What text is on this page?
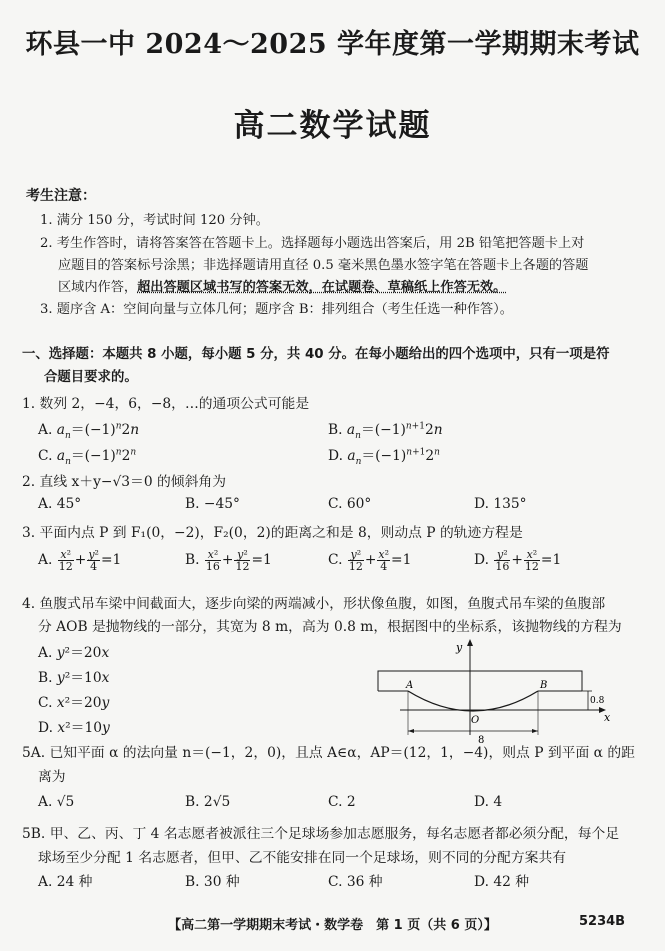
环县一中 2024～2025 学年度第一学期期末考试
高二数学试题
考生注意：
1. 满分 150 分，考试时间 120 分钟。
2. 考生作答时，请将答案答在答题卡上。选择题每小题选出答案后，用 2B 铅笔把答题卡上对
应题目的答案标号涂黑；非选择题请用直径 0.5 毫米黑色墨水签字笔在答题卡上各题的答题
区域内作答，超出答题区域书写的答案无效，在试题卷、草稿纸上作答无效。
3. 题序含 A：空间向量与立体几何；题序含 B：排列组合（考生任选一种作答）。
一、选择题：本题共 8 小题，每小题 5 分，共 40 分。在每小题给出的四个选项中，只有一项是符
合题目要求的。
1. 数列 2，−4，6，−8，…的通项公式可能是
A. $a_n=(-1)^n2n$	B. $a_n=(-1)^{n+1}2n$
C. $a_n=(-1)^n2^n$	D. $a_n=(-1)^{n+1}2^n$
2. 直线 x＋y−√3＝0 的倾斜角为
A. 45°	B. −45°	C. 60°	D. 135°
3. 平面内点 P 到 F₁(0，−2)，F₂(0，2)的距离之和是 8，则动点 P 的轨迹方程是
A. $\frac{\text{x²}}{12} + \frac{\text{y²}}{4} =1$	B. $\frac{\text{x²}}{16} + \frac{\text{y²}}{12} =1$	C. $\frac{\text{y²}}{12} + \frac{\text{x²}}{4} =1$	D. $\frac{\text{y²}}{16} + \frac{\text{x²}}{12} =1$
4. 鱼腹式吊车梁中间截面大，逐步向梁的两端减小，形状像鱼腹，如图，鱼腹式吊车梁的鱼腹部
分 AOB 是抛物线的一部分，其宽为 8 m，高为 0.8 m，根据图中的坐标系，该抛物线的方程为
A. y²＝20x
B. y²＝10x
C. x²＝20y
D. x²＝10y
y
x
A	B
O
0.8
8
5A. 已知平面 α 的法向量 n＝(−1，2，0)，且点 A∈α，AP＝(12，1，−4)，则点 P 到平面 α 的距
离为
A. √5	B. 2√5	C. 2	D. 4
5B. 甲、乙、丙、丁 4 名志愿者被派往三个足球场参加志愿服务，每名志愿者都必须分配，每个足
球场至少分配 1 名志愿者，但甲、乙不能安排在同一个足球场，则不同的分配方案共有
A. 24 种	B. 30 种	C. 36 种	D. 42 种
【高二第一学期期末考试・数学卷　第 1 页（共 6 页）】	5234B
